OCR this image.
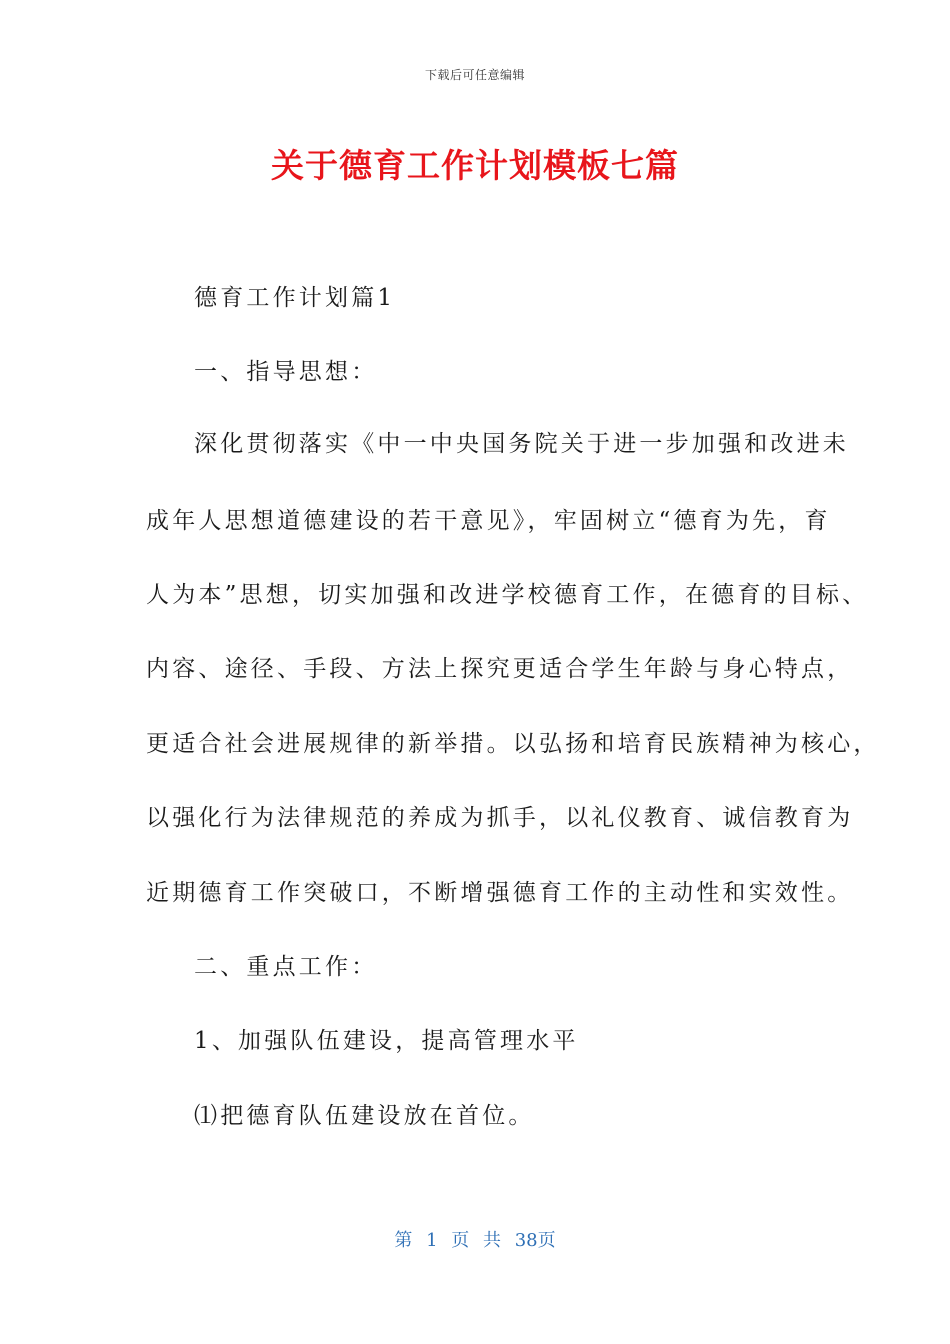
下载后可任意编辑
关于德育工作计划模板七篇

德育工作计划篇1

一、指导思想：

深化贯彻落实《中一中央国务院关于进一步加强和改进未

成年人思想道德建设的若干意见》，牢固树立“德育为先，育

人为本”思想，切实加强和改进学校德育工作，在德育的目标、

内容、途径、手段、方法上探究更适合学生年龄与身心特点，

更适合社会进展规律的新举措。以弘扬和培育民族精神为核心，

以强化行为法律规范的养成为抓手，以礼仪教育、诚信教育为

近期德育工作突破口，不断增强德育工作的主动性和实效性。

二、重点工作：

1、加强队伍建设，提高管理水平

⑴把德育队伍建设放在首位。

第 1 页 共 38页
